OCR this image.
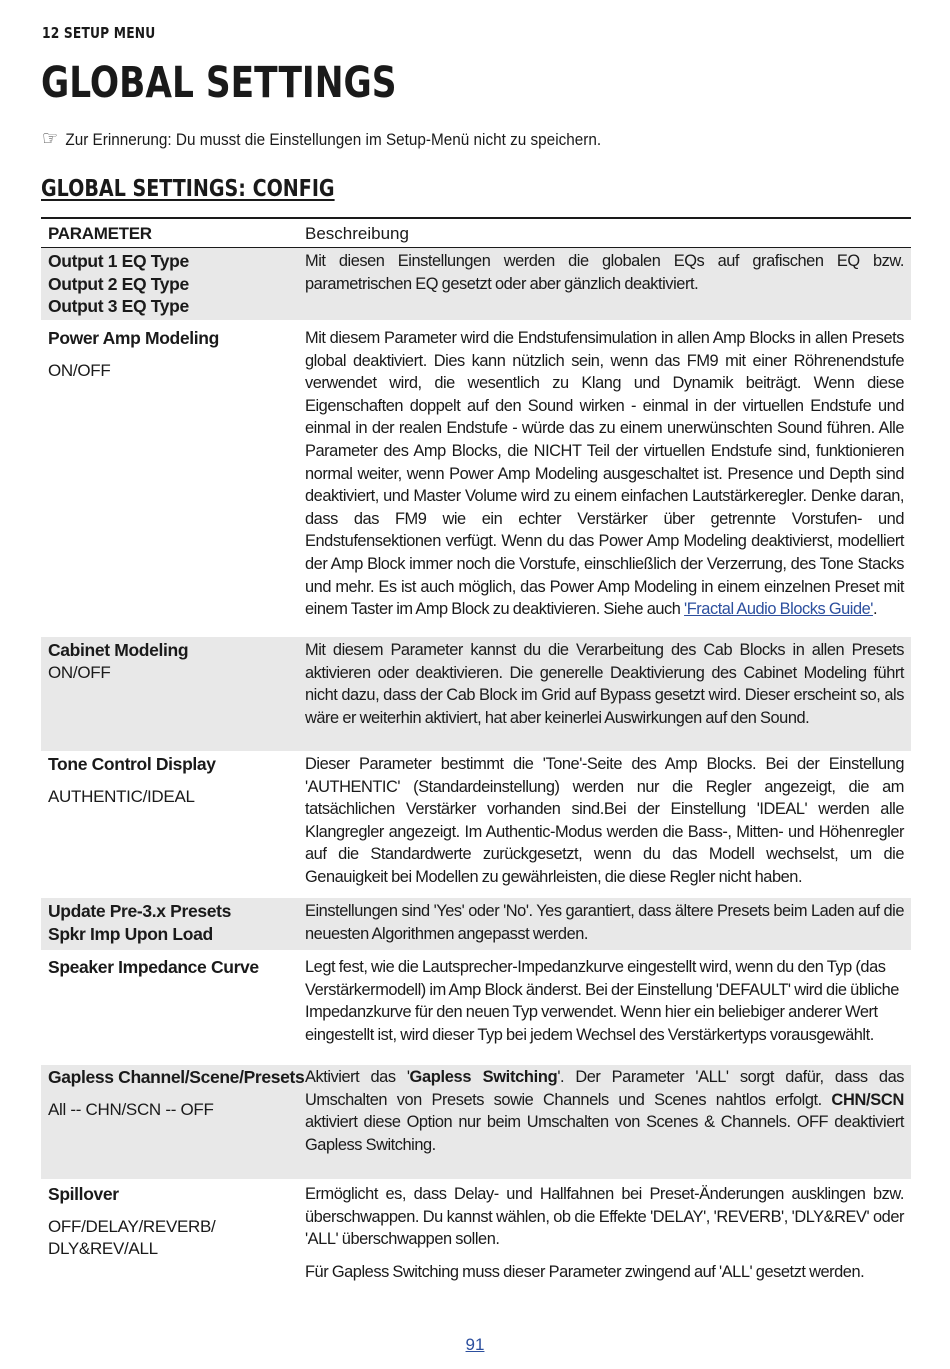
12 SETUP MENU
GLOBAL SETTINGS
☞ Zur Erinnerung: Du musst die Einstellungen im Setup-Menü nicht zu speichern.
GLOBAL SETTINGS: CONFIG
PARAMETER	Beschreibung
Output 1 EQ Type
Output 2 EQ Type
Output 3 EQ Type
Mit diesen Einstellungen werden die globalen EQs auf grafischen EQ bzw. parametrischen EQ gesetzt oder aber gänzlich deaktiviert.
Power Amp Modeling
ON/OFF
Mit diesem Parameter wird die Endstufensimulation in allen Amp Blocks in allen Presets global deaktiviert. Dies kann nützlich sein, wenn das FM9 mit einer Röhrenendstufe verwendet wird, die wesentlich zu Klang und Dynamik beiträgt. Wenn diese Eigenschaften doppelt auf den Sound wirken - einmal in der virtuellen Endstufe und einmal in der realen Endstufe - würde das zu einem unerwünschten Sound führen. Alle Parameter des Amp Blocks, die NICHT Teil der virtuellen Endstufe sind, funktionieren normal weiter, wenn Power Amp Modeling ausgeschaltet ist. Presence und Depth sind deaktiviert, und Master Volume wird zu einem einfachen Lautstärkeregler. Denke daran, dass das FM9 wie ein echter Verstärker über getrennte Vorstufen- und Endstufensektionen verfügt. Wenn du das Power Amp Modeling deaktivierst, modelliert der Amp Block immer noch die Vorstufe, einschließlich der Verzerrung, des Tone Stacks und mehr. Es ist auch möglich, das Power Amp Modeling in einem einzelnen Preset mit einem Taster im Amp Block zu deaktivieren. Siehe auch 'Fractal Audio Blocks Guide'.
Cabinet Modeling
ON/OFF
Mit diesem Parameter kannst du die Verarbeitung des Cab Blocks in allen Presets aktivieren oder deaktivieren. Die generelle Deaktivierung des Cabinet Modeling führt nicht dazu, dass der Cab Block im Grid auf Bypass gesetzt wird. Dieser erscheint so, als wäre er weiterhin aktiviert, hat aber keinerlei Auswirkungen auf den Sound.
Tone Control Display
AUTHENTIC/IDEAL
Dieser Parameter bestimmt die 'Tone'-Seite des Amp Blocks. Bei der Einstellung 'AUTHENTIC' (Standardeinstellung) werden nur die Regler angezeigt, die am tatsächlichen Verstärker vorhanden sind.Bei der Einstellung 'IDEAL' werden alle Klangregler angezeigt. Im Authentic-Modus werden die Bass-, Mitten- und Höhenregler auf die Standardwerte zurückgesetzt, wenn du das Modell wechselst, um die Genauigkeit bei Modellen zu gewährleisten, die diese Regler nicht haben.
Update Pre-3.x Presets
Spkr Imp Upon Load
Einstellungen sind 'Yes' oder 'No'. Yes garantiert, dass ältere Presets beim Laden auf die neuesten Algorithmen angepasst werden.
Speaker Impedance Curve	Legt fest, wie die Lautsprecher-Impedanzkurve eingestellt wird, wenn du den Typ (das Verstärkermodell) im Amp Block änderst. Bei der Einstellung 'DEFAULT' wird die übliche Impedanzkurve für den neuen Typ verwendet. Wenn hier ein beliebiger anderer Wert eingestellt ist, wird dieser Typ bei jedem Wechsel des Verstärkertyps vorausgewählt.
Gapless Channel/Scene/Presets
All -- CHN/SCN -- OFF
Aktiviert das 'Gapless Switching'. Der Parameter 'ALL' sorgt dafür, dass das Umschalten von Presets sowie Channels und Scenes nahtlos erfolgt. CHN/SCN aktiviert diese Option nur beim Umschalten von Scenes & Channels. OFF deaktiviert Gapless Switching.
Spillover
OFF/DELAY/REVERB/
DLY&REV/ALL
Ermöglicht es, dass Delay- und Hallfahnen bei Preset-Änderungen ausklingen bzw. überschwappen. Du kannst wählen, ob die Effekte 'DELAY', 'REVERB', 'DLY&REV' oder 'ALL' überschwappen sollen.
Für Gapless Switching muss dieser Parameter zwingend auf 'ALL' gesetzt werden.
91
